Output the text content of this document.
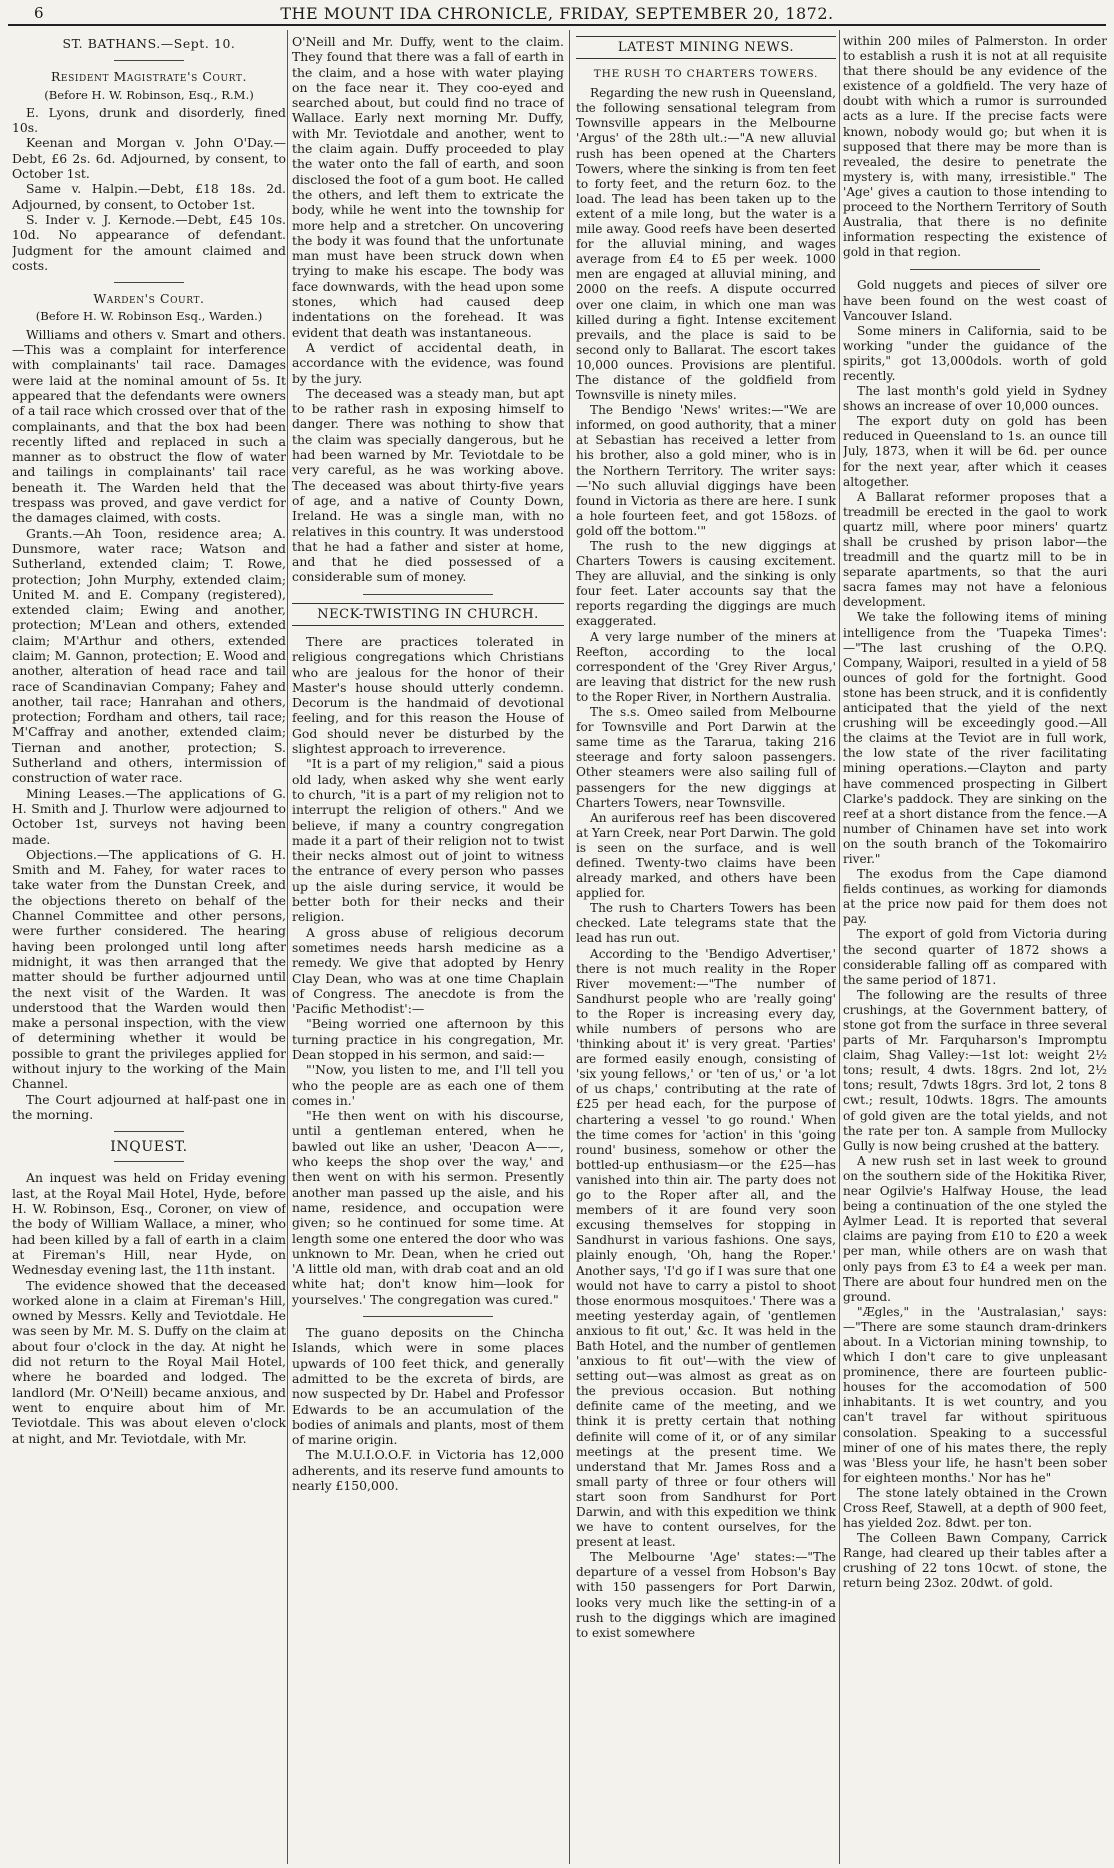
6	THE MOUNT IDA CHRONICLE, FRIDAY, SEPTEMBER 20, 1872.
ST. BATHANS.—Sept. 10.
Resident Magistrate's Court.
(Before H. W. Robinson, Esq., R.M.)

E. Lyons, drunk and disorderly, fined 10s.

Keenan and Morgan v. John O'Day.—Debt, £6 2s. 6d. Adjourned, by consent, to October 1st.

Same v. Halpin.—Debt, £18 18s. 2d. Adjourned, by consent, to October 1st.

S. Inder v. J. Kernode.—Debt, £45 10s. 10d. No appearance of defendant. Judgment for the amount claimed and costs.

Warden's Court.
(Before H. W. Robinson Esq., Warden.)

Williams and others v. Smart and others.—This was a complaint for interference with complainants' tail race. Damages were laid at the nominal amount of 5s. It appeared that the defendants were owners of a tail race which crossed over that of the complainants, and that the box had been recently lifted and replaced in such a manner as to obstruct the flow of water and tailings in complainants' tail race beneath it. The Warden held that the trespass was proved, and gave verdict for the damages claimed, with costs.

Grants.—Ah Toon, residence area; A. Dunsmore, water race; Watson and Sutherland, extended claim; T. Rowe, protection; John Murphy, extended claim; United M. and E. Company (registered), extended claim; Ewing and another, protection; M'Lean and others, extended claim; M'Arthur and others, extended claim; M. Gannon, protection; E. Wood and another, alteration of head race and tail race of Scandinavian Company; Fahey and another, tail race; Hanrahan and others, protection; Fordham and others, tail race; M'Caffray and another, extended claim; Tiernan and another, protection; S. Sutherland and others, intermission of construction of water race.

Mining Leases.—The applications of G. H. Smith and J. Thurlow were adjourned to October 1st, surveys not having been made.

Objections.—The applications of G. H. Smith and M. Fahey, for water races to take water from the Dunstan Creek, and the objections thereto on behalf of the Channel Committee and other persons, were further considered. The hearing having been prolonged until long after midnight, it was then arranged that the matter should be further adjourned until the next visit of the Warden. It was understood that the Warden would then make a personal inspection, with the view of determining whether it would be possible to grant the privileges applied for without injury to the working of the Main Channel.

The Court adjourned at half-past one in the morning.

INQUEST.

An inquest was held on Friday evening last, at the Royal Mail Hotel, Hyde, before H. W. Robinson, Esq., Coroner, on view of the body of William Wallace, a miner, who had been killed by a fall of earth in a claim at Fireman's Hill, near Hyde, on Wednesday evening last, the 11th instant.

The evidence showed that the deceased worked alone in a claim at Fireman's Hill, owned by Messrs. Kelly and Teviotdale. He was seen by Mr. M. S. Duffy on the claim at about four o'clock in the day. At night he did not return to the Royal Mail Hotel, where he boarded and lodged. The landlord (Mr. O'Neill) became anxious, and went to enquire about him of Mr. Teviotdale. This was about eleven o'clock at night, and Mr. Teviotdale, with Mr.

O'Neill and Mr. Duffy, went to the claim. They found that there was a fall of earth in the claim, and a hose with water playing on the face near it. They coo-eyed and searched about, but could find no trace of Wallace. Early next morning Mr. Duffy, with Mr. Teviotdale and another, went to the claim again. Duffy proceeded to play the water onto the fall of earth, and soon disclosed the foot of a gum boot. He called the others, and left them to extricate the body, while he went into the township for more help and a stretcher. On uncovering the body it was found that the unfortunate man must have been struck down when trying to make his escape. The body was face downwards, with the head upon some stones, which had caused deep indentations on the forehead. It was evident that death was instantaneous.

A verdict of accidental death, in accordance with the evidence, was found by the jury.

The deceased was a steady man, but apt to be rather rash in exposing himself to danger. There was nothing to show that the claim was specially dangerous, but he had been warned by Mr. Teviotdale to be very careful, as he was working above. The deceased was about thirty-five years of age, and a native of County Down, Ireland. He was a single man, with no relatives in this country. It was understood that he had a father and sister at home, and that he died possessed of a considerable sum of money.

NECK-TWISTING IN CHURCH.

There are practices tolerated in religious congregations which Christians who are jealous for the honor of their Master's house should utterly condemn. Decorum is the handmaid of devotional feeling, and for this reason the House of God should never be disturbed by the slightest approach to irreverence.

"It is a part of my religion," said a pious old lady, when asked why she went early to church, "it is a part of my religion not to interrupt the religion of others." And we believe, if many a country congregation made it a part of their religion not to twist their necks almost out of joint to witness the entrance of every person who passes up the aisle during service, it would be better both for their necks and their religion.

A gross abuse of religious decorum sometimes needs harsh medicine as a remedy. We give that adopted by Henry Clay Dean, who was at one time Chaplain of Congress. The anecdote is from the 'Pacific Methodist':—

"Being worried one afternoon by this turning practice in his congregation, Mr. Dean stopped in his sermon, and said:—

"'Now, you listen to me, and I'll tell you who the people are as each one of them comes in.'

"He then went on with his discourse, until a gentleman entered, when he bawled out like an usher, 'Deacon A——, who keeps the shop over the way,' and then went on with his sermon. Presently another man passed up the aisle, and his name, residence, and occupation were given; so he continued for some time. At length some one entered the door who was unknown to Mr. Dean, when he cried out 'A little old man, with drab coat and an old white hat; don't know him—look for yourselves.' The congregation was cured."

The guano deposits on the Chincha Islands, which were in some places upwards of 100 feet thick, and generally admitted to be the excreta of birds, are now suspected by Dr. Habel and Professor Edwards to be an accumulation of the bodies of animals and plants, most of them of marine origin.

The M.U.I.O.O.F. in Victoria has 12,000 adherents, and its reserve fund amounts to nearly £150,000.

LATEST MINING NEWS.
THE RUSH TO CHARTERS TOWERS.

Regarding the new rush in Queensland, the following sensational telegram from Townsville appears in the Melbourne 'Argus' of the 28th ult.:—"A new alluvial rush has been opened at the Charters Towers, where the sinking is from ten feet to forty feet, and the return 6oz. to the load. The lead has been taken up to the extent of a mile long, but the water is a mile away. Good reefs have been deserted for the alluvial mining, and wages average from £4 to £5 per week. 1000 men are engaged at alluvial mining, and 2000 on the reefs. A dispute occurred over one claim, in which one man was killed during a fight. Intense excitement prevails, and the place is said to be second only to Ballarat. The escort takes 10,000 ounces. Provisions are plentiful. The distance of the goldfield from Townsville is ninety miles.

The Bendigo 'News' writes:—"We are informed, on good authority, that a miner at Sebastian has received a letter from his brother, also a gold miner, who is in the Northern Territory. The writer says:—'No such alluvial diggings have been found in Victoria as there are here. I sunk a hole fourteen feet, and got 158ozs. of gold off the bottom.'"

The rush to the new diggings at Charters Towers is causing excitement. They are alluvial, and the sinking is only four feet. Later accounts say that the reports regarding the diggings are much exaggerated.

A very large number of the miners at Reefton, according to the local correspondent of the 'Grey River Argus,' are leaving that district for the new rush to the Roper River, in Northern Australia.

The s.s. Omeo sailed from Melbourne for Townsville and Port Darwin at the same time as the Tararua, taking 216 steerage and forty saloon passengers. Other steamers were also sailing full of passengers for the new diggings at Charters Towers, near Townsville.

An auriferous reef has been discovered at Yarn Creek, near Port Darwin. The gold is seen on the surface, and is well defined. Twenty-two claims have been already marked, and others have been applied for.

The rush to Charters Towers has been checked. Late telegrams state that the lead has run out.

According to the 'Bendigo Advertiser,' there is not much reality in the Roper River movement:—"The number of Sandhurst people who are 'really going' to the Roper is increasing every day, while numbers of persons who are 'thinking about it' is very great. 'Parties' are formed easily enough, consisting of 'six young fellows,' or 'ten of us,' or 'a lot of us chaps,' contributing at the rate of £25 per head each, for the purpose of chartering a vessel 'to go round.' When the time comes for 'action' in this 'going round' business, somehow or other the bottled-up enthusiasm—or the £25—has vanished into thin air. The party does not go to the Roper after all, and the members of it are found very soon excusing themselves for stopping in Sandhurst in various fashions. One says, plainly enough, 'Oh, hang the Roper.' Another says, 'I'd go if I was sure that one would not have to carry a pistol to shoot those enormous mosquitoes.' There was a meeting yesterday again, of 'gentlemen anxious to fit out,' &c. It was held in the Bath Hotel, and the number of gentlemen 'anxious to fit out'—with the view of setting out—was almost as great as on the previous occasion. But nothing definite came of the meeting, and we think it is pretty certain that nothing definite will come of it, or of any similar meetings at the present time. We understand that Mr. James Ross and a small party of three or four others will start soon from Sandhurst for Port Darwin, and with this expedition we think we have to content ourselves, for the present at least.

The Melbourne 'Age' states:—"The departure of a vessel from Hobson's Bay with 150 passengers for Port Darwin, looks very much like the setting-in of a rush to the diggings which are imagined to exist somewhere

within 200 miles of Palmerston. In order to establish a rush it is not at all requisite that there should be any evidence of the existence of a goldfield. The very haze of doubt with which a rumor is surrounded acts as a lure. If the precise facts were known, nobody would go; but when it is supposed that there may be more than is revealed, the desire to penetrate the mystery is, with many, irresistible." The 'Age' gives a caution to those intending to proceed to the Northern Territory of South Australia, that there is no definite information respecting the existence of gold in that region.

Gold nuggets and pieces of silver ore have been found on the west coast of Vancouver Island.

Some miners in California, said to be working "under the guidance of the spirits," got 13,000dols. worth of gold recently.

The last month's gold yield in Sydney shows an increase of over 10,000 ounces.

The export duty on gold has been reduced in Queensland to 1s. an ounce till July, 1873, when it will be 6d. per ounce for the next year, after which it ceases altogether.

A Ballarat reformer proposes that a treadmill be erected in the gaol to work quartz mill, where poor miners' quartz shall be crushed by prison labor—the treadmill and the quartz mill to be in separate apartments, so that the auri sacra fames may not have a felonious development.

We take the following items of mining intelligence from the 'Tuapeka Times':—"The last crushing of the O.P.Q. Company, Waipori, resulted in a yield of 58 ounces of gold for the fortnight. Good stone has been struck, and it is confidently anticipated that the yield of the next crushing will be exceedingly good.—All the claims at the Teviot are in full work, the low state of the river facilitating mining operations.—Clayton and party have commenced prospecting in Gilbert Clarke's paddock. They are sinking on the reef at a short distance from the fence.—A number of Chinamen have set into work on the south branch of the Tokomairiro river."

The exodus from the Cape diamond fields continues, as working for diamonds at the price now paid for them does not pay.

The export of gold from Victoria during the second quarter of 1872 shows a considerable falling off as compared with the same period of 1871.

The following are the results of three crushings, at the Government battery, of stone got from the surface in three several parts of Mr. Farquharson's Impromptu claim, Shag Valley:—1st lot: weight 2½ tons; result, 4 dwts. 18grs. 2nd lot, 2½ tons; result, 7dwts 18grs. 3rd lot, 2 tons 8 cwt.; result, 10dwts. 18grs. The amounts of gold given are the total yields, and not the rate per ton. A sample from Mullocky Gully is now being crushed at the battery.

A new rush set in last week to ground on the southern side of the Hokitika River, near Ogilvie's Halfway House, the lead being a continuation of the one styled the Aylmer Lead. It is reported that several claims are paying from £10 to £20 a week per man, while others are on wash that only pays from £3 to £4 a week per man. There are about four hundred men on the ground.

"Ægles," in the 'Australasian,' says:—"There are some staunch dram-drinkers about. In a Victorian mining township, to which I don't care to give unpleasant prominence, there are fourteen public-houses for the accomodation of 500 inhabitants. It is wet country, and you can't travel far without spirituous consolation. Speaking to a successful miner of one of his mates there, the reply was 'Bless your life, he hasn't been sober for eighteen months.' Nor has he"

The stone lately obtained in the Crown Cross Reef, Stawell, at a depth of 900 feet, has yielded 2oz. 8dwt. per ton.

The Colleen Bawn Company, Carrick Range, had cleared up their tables after a crushing of 22 tons 10cwt. of stone, the return being 23oz. 20dwt. of gold.
